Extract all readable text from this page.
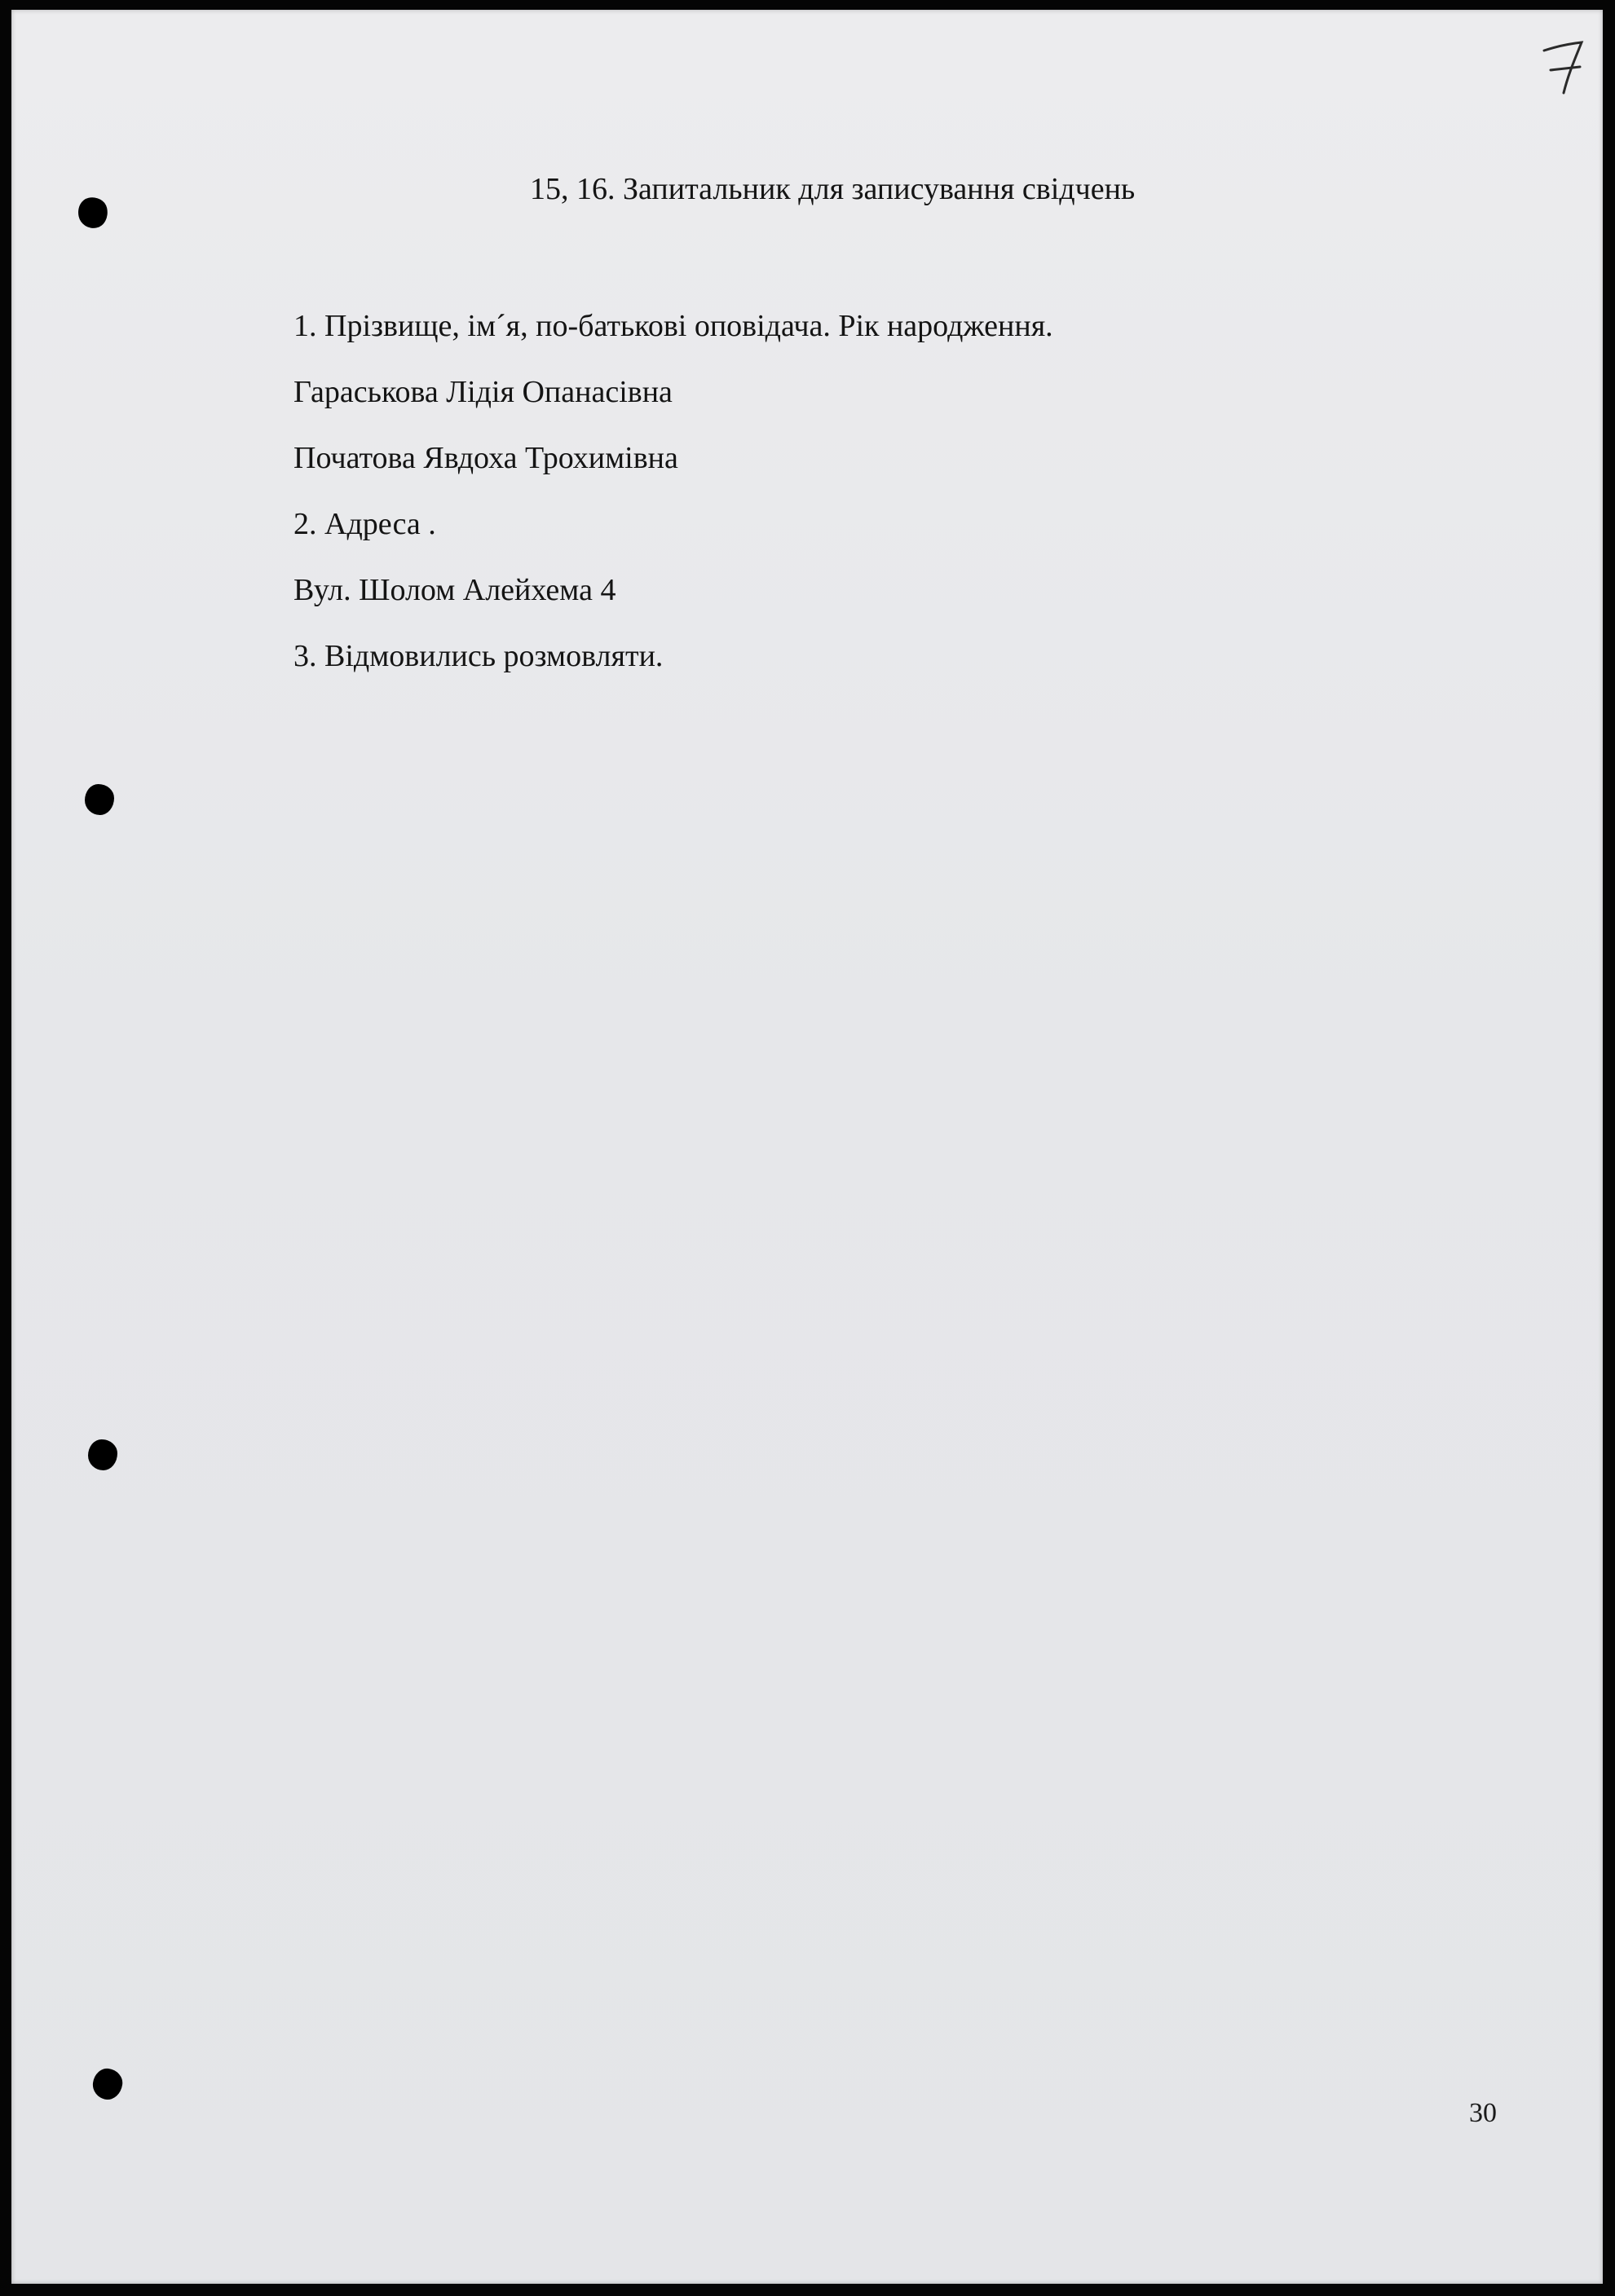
15, 16. Запитальник для записування свідчень
1. Прізвище, ім´я, по-батькові оповідача. Рік народження.
Гараськова Лідія Опанасівна
Початова Явдоха Трохимівна
2. Адреса .
Вул. Шолом Алейхема 4
3. Відмовились розмовляти.
30
